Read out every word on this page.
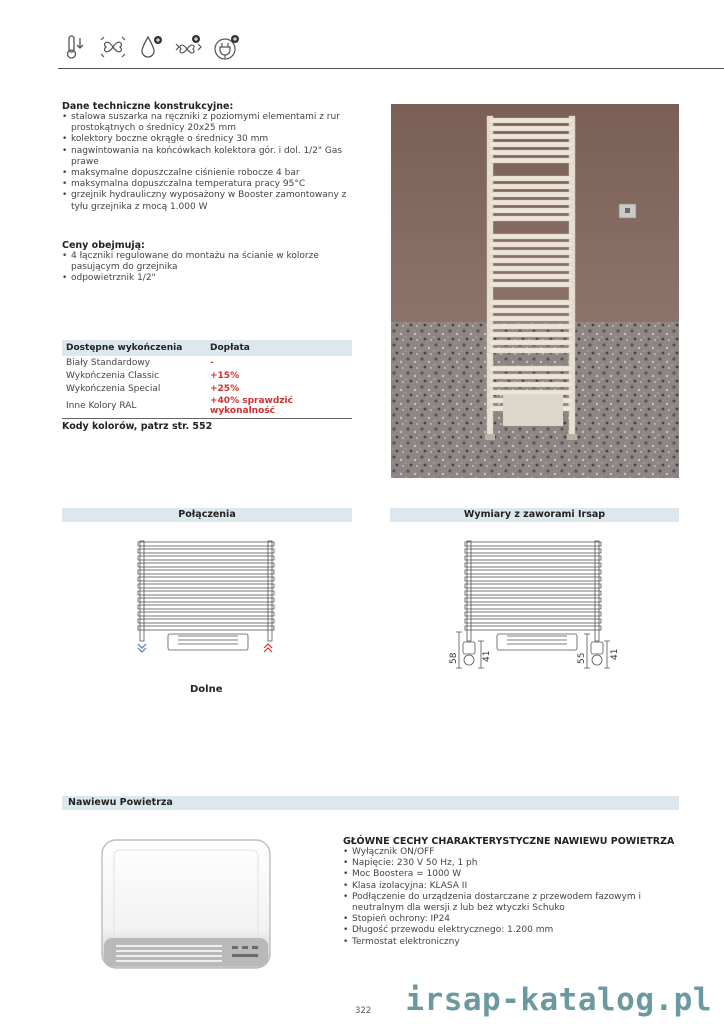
Dane techniczne konstrukcyjne:
• stalowa suszarka na ręczniki z poziomymi elementami z rur prostokątnych o średnicy 20x25 mm
• kolektory boczne okrągłe o średnicy 30 mm
• nagwintowania na końcówkach kolektora gór. i dol. 1/2" Gas prawe
• maksymalne dopuszczalne ciśnienie robocze 4 bar
• maksymalna dopuszczalna temperatura pracy 95°C
• grzejnik hydrauliczny wyposażony w Booster zamontowany z tyłu grzejnika z mocą 1.000 W
Ceny obejmują:
• 4 łączniki regulowane do montażu na ścianie w kolorze pasującym do grzejnika
• odpowietrznik 1/2"
Dostępne wykończenia	Dopłata
Biały Standardowy	-
Wykończenia Classic	+15%
Wykończenia Special	+25%
Inne Kolory RAL	+40% sprawdzić wykonalność
Kody kolorów, patrz str. 552
Połączenia
Dolne
Wymiary z zaworami Irsap
58	41	55	41
Nawiewu Powietrza
GŁÓWNE CECHY CHARAKTERYSTYCZNE NAWIEWU POWIETRZA
• Wyłącznik ON/OFF
• Napięcie: 230 V 50 Hz, 1 ph
• Moc Boostera = 1000 W
• Klasa izolacyjna: KLASA II
• Podłączenie do urządzenia dostarczane z przewodem fazowym i neutralnym dla wersji z lub bez wtyczki Schuko
• Stopień ochrony: IP24
• Długość przewodu elektrycznego: 1.200 mm
• Termostat elektroniczny
322 irsap-katalog.pl
